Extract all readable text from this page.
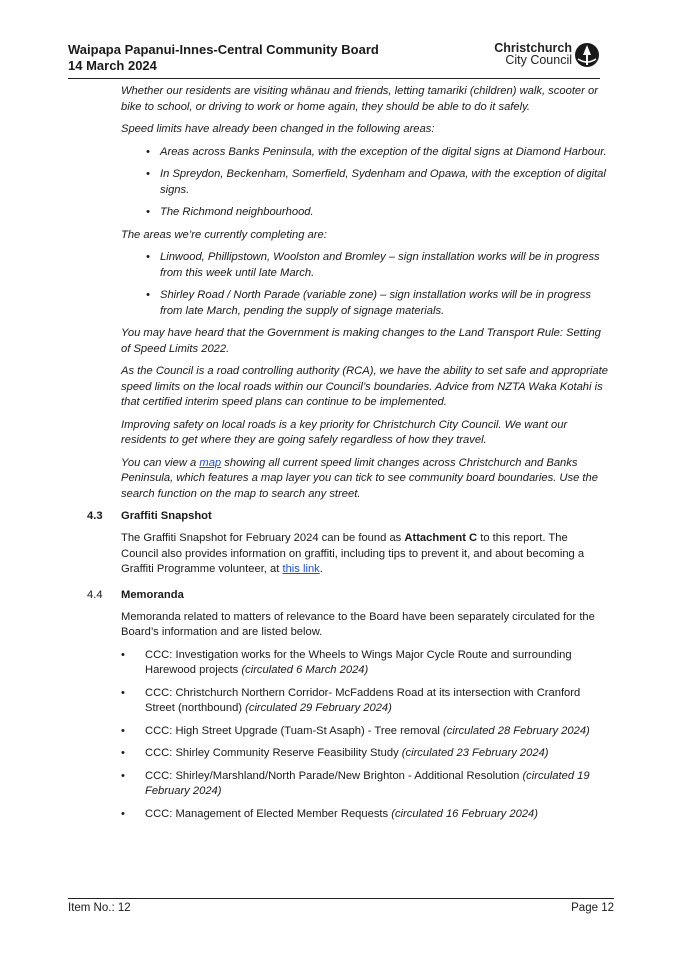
Waipapa Papanui-Innes-Central Community Board
14 March 2024
Christchurch
City Council

Whether our residents are visiting whānau and friends, letting tamariki (children) walk, scooter or bike to school, or driving to work or home again, they should be able to do it safely.

Speed limits have already been changed in the following areas:

• Areas across Banks Peninsula, with the exception of the digital signs at Diamond Harbour.
• In Spreydon, Beckenham, Somerfield, Sydenham and Opawa, with the exception of digital signs.
• The Richmond neighbourhood.

The areas we’re currently completing are:

• Linwood, Phillipstown, Woolston and Bromley – sign installation works will be in progress from this week until late March.
• Shirley Road / North Parade (variable zone) – sign installation works will be in progress from late March, pending the supply of signage materials.

You may have heard that the Government is making changes to the Land Transport Rule: Setting of Speed Limits 2022.

As the Council is a road controlling authority (RCA), we have the ability to set safe and appropriate speed limits on the local roads within our Council’s boundaries. Advice from NZTA Waka Kotahi is that certified interim speed plans can continue to be implemented.

Improving safety on local roads is a key priority for Christchurch City Council. We want our residents to get where they are going safely regardless of how they travel.

You can view a map showing all current speed limit changes across Christchurch and Banks Peninsula, which features a map layer you can tick to see community board boundaries. Use the search function on the map to search any street.

4.3 Graffiti Snapshot

The Graffiti Snapshot for February 2024 can be found as Attachment C to this report. The Council also provides information on graffiti, including tips to prevent it, and about becoming a Graffiti Programme volunteer, at this link.

4.4 Memoranda

Memoranda related to matters of relevance to the Board have been separately circulated for the Board’s information and are listed below.

• CCC: Investigation works for the Wheels to Wings Major Cycle Route and surrounding Harewood projects (circulated 6 March 2024)
• CCC: Christchurch Northern Corridor- McFaddens Road at its intersection with Cranford Street (northbound) (circulated 29 February 2024)
• CCC: High Street Upgrade (Tuam-St Asaph) - Tree removal (circulated 28 February 2024)
• CCC: Shirley Community Reserve Feasibility Study (circulated 23 February 2024)
• CCC: Shirley/Marshland/North Parade/New Brighton - Additional Resolution (circulated 19 February 2024)
• CCC: Management of Elected Member Requests (circulated 16 February 2024)
Item No.: 12	Page 12
